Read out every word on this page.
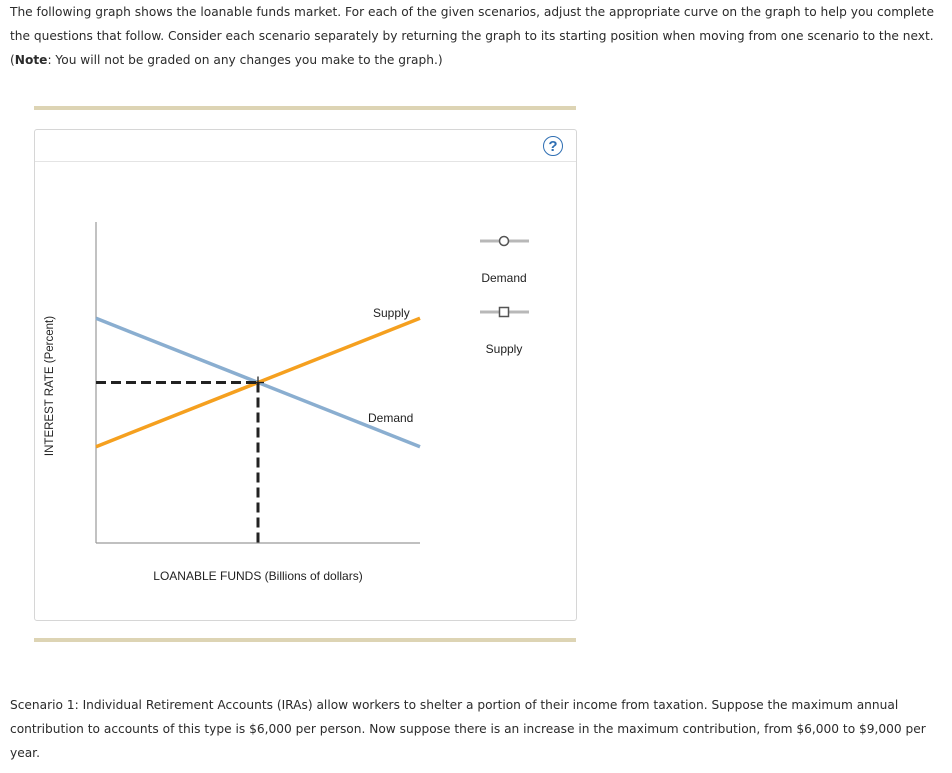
The following graph shows the loanable funds market. For each of the given scenarios, adjust the appropriate curve on the graph to help you complete the questions that follow. Consider each scenario separately by returning the graph to its starting position when moving from one scenario to the next.
(Note: You will not be graded on any changes you make to the graph.)
?
INTEREST RATE (Percent)
LOANABLE FUNDS (Billions of dollars)
Supply
Demand
Demand
Supply
Scenario 1: Individual Retirement Accounts (IRAs) allow workers to shelter a portion of their income from taxation. Suppose the maximum annual contribution to accounts of this type is $6,000 per person. Now suppose there is an increase in the maximum contribution, from $6,000 to $9,000 per year.
